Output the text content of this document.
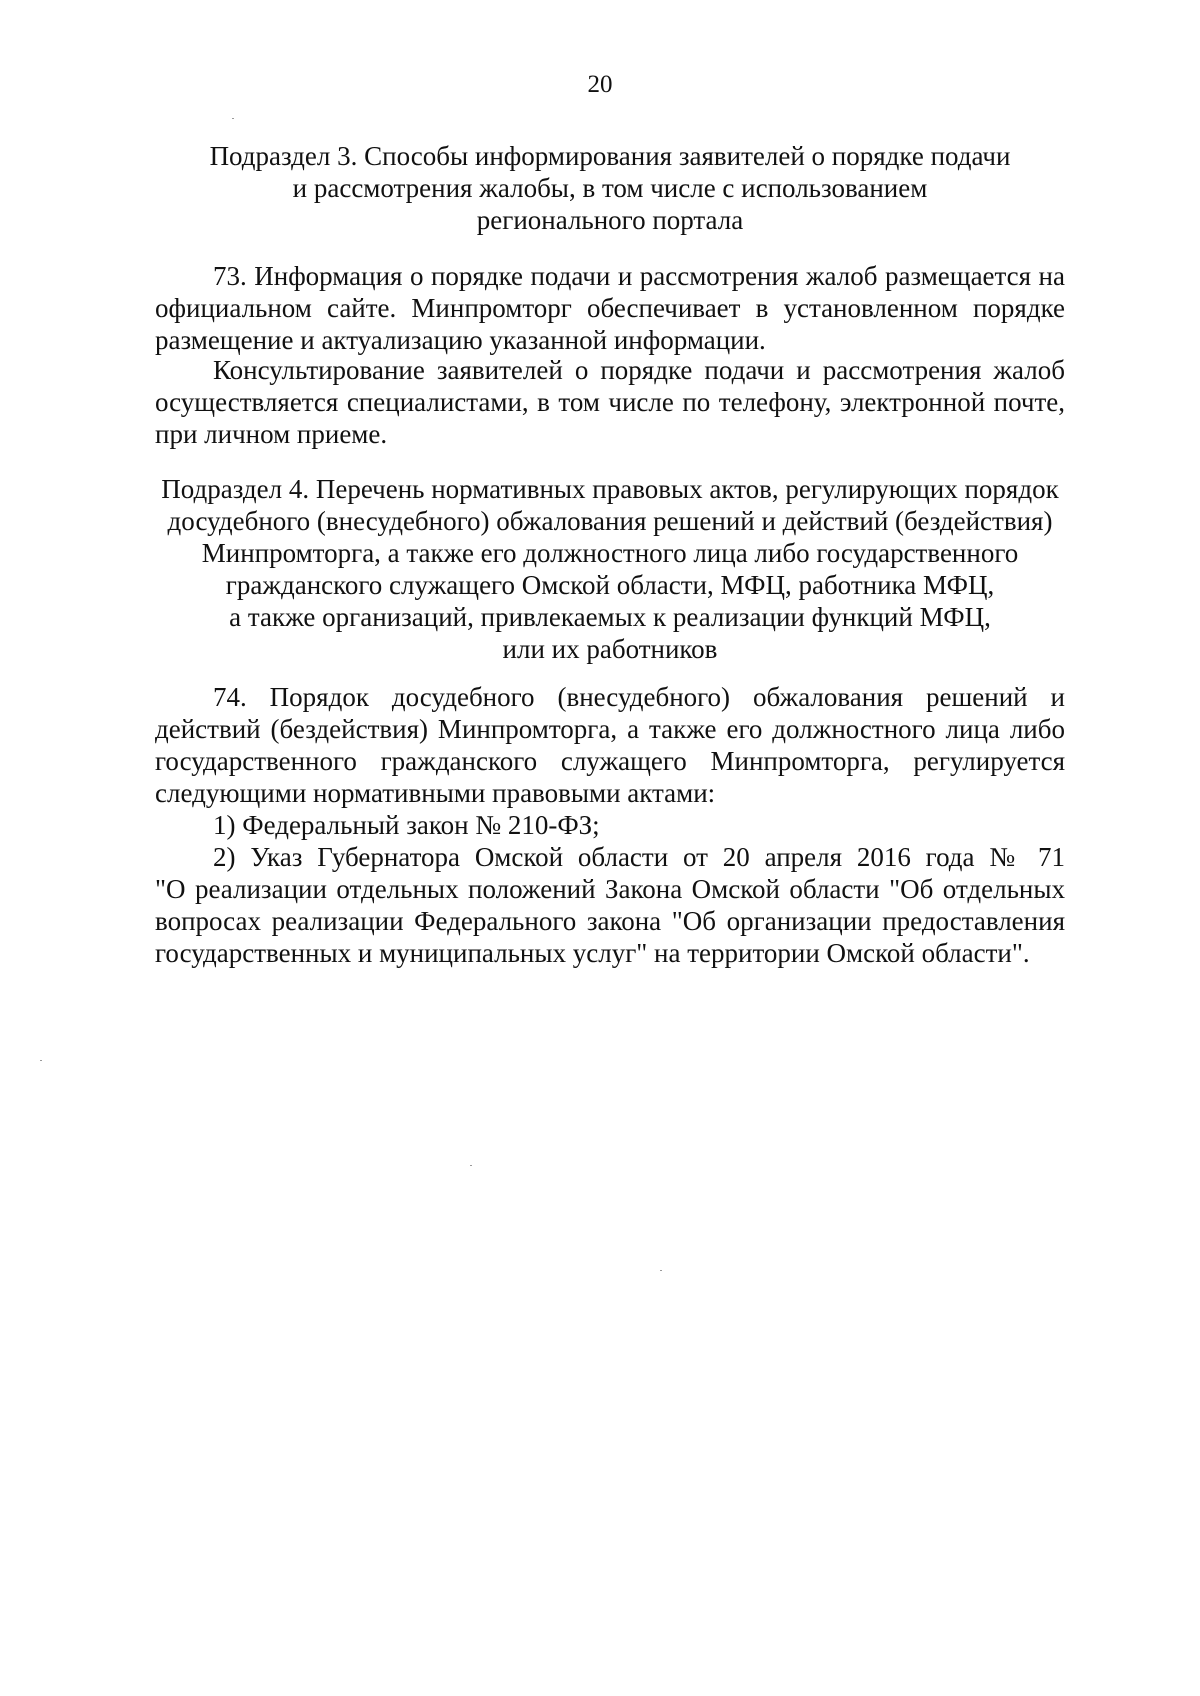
20
Подраздел 3. Способы информирования заявителей о порядке подачи
и рассмотрения жалобы, в том числе с использованием
регионального портала
73. Информация о порядке подачи и рассмотрения жалоб размещается на
официальном сайте. Минпромторг обеспечивает в установленном порядке
размещение и актуализацию указанной информации.
Консультирование заявителей о порядке подачи и рассмотрения жалоб
осуществляется специалистами, в том числе по телефону, электронной почте,
при личном приеме.
Подраздел 4. Перечень нормативных правовых актов, регулирующих порядок
досудебного (внесудебного) обжалования решений и действий (бездействия)
Минпромторга, а также его должностного лица либо государственного
гражданского служащего Омской области, МФЦ, работника МФЦ,
а также организаций, привлекаемых к реализации функций МФЦ,
или их работников
74. Порядок досудебного (внесудебного) обжалования решений и
действий (бездействия) Минпромторга, а также его должностного лица либо
государственного гражданского служащего Минпромторга, регулируется
следующими нормативными правовыми актами:
1) Федеральный закон № 210-ФЗ;
2) Указ Губернатора Омской области от 20 апреля 2016 года № 71
"О реализации отдельных положений Закона Омской области "Об отдельных
вопросах реализации Федерального закона "Об организации предоставления
государственных и муниципальных услуг" на территории Омской области".
